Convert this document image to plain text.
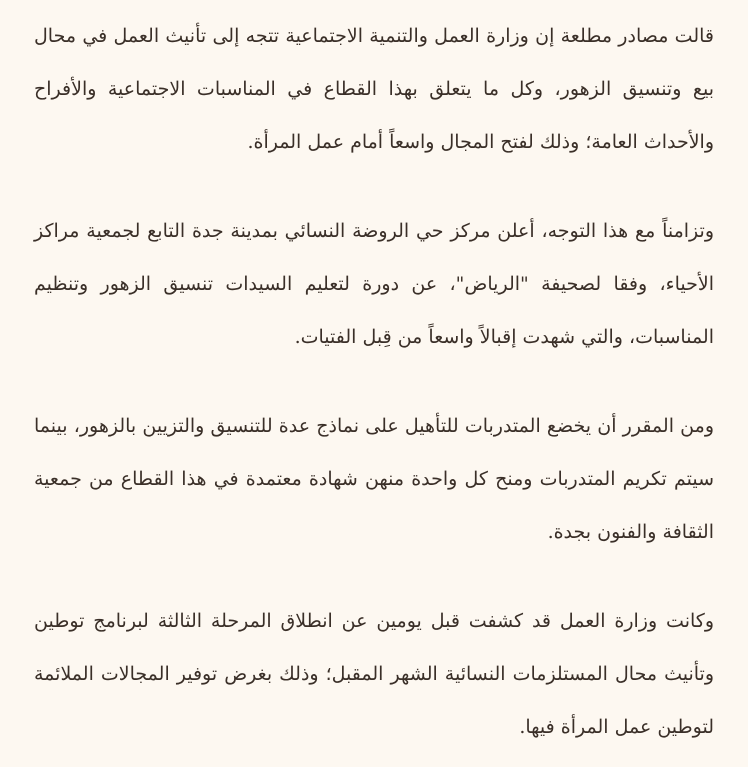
قالت مصادر مطلعة إن وزارة العمل والتنمية الاجتماعية تتجه إلى تأنيث العمل في محال بيع وتنسيق الزهور، وكل ما يتعلق بهذا القطاع في المناسبات الاجتماعية والأفراح والأحداث العامة؛ وذلك لفتح المجال واسعاً أمام عمل المرأة.

وتزامناً مع هذا التوجه، أعلن مركز حي الروضة النسائي بمدينة جدة التابع لجمعية مراكز الأحياء، وفقا لصحيفة "الرياض"، عن دورة لتعليم السيدات تنسيق الزهور وتنظيم المناسبات، والتي شهدت إقبالاً واسعاً من قِبل الفتيات.

ومن المقرر أن يخضع المتدربات للتأهيل على نماذج عدة للتنسيق والتزيين بالزهور، بينما سيتم تكريم المتدربات ومنح كل واحدة منهن شهادة معتمدة في هذا القطاع من جمعية الثقافة والفنون بجدة.

وكانت وزارة العمل قد كشفت قبل يومين عن انطلاق المرحلة الثالثة لبرنامج توطين وتأنيث محال المستلزمات النسائية الشهر المقبل؛ وذلك بغرض توفير المجالات الملائمة لتوطين عمل المرأة فيها.
